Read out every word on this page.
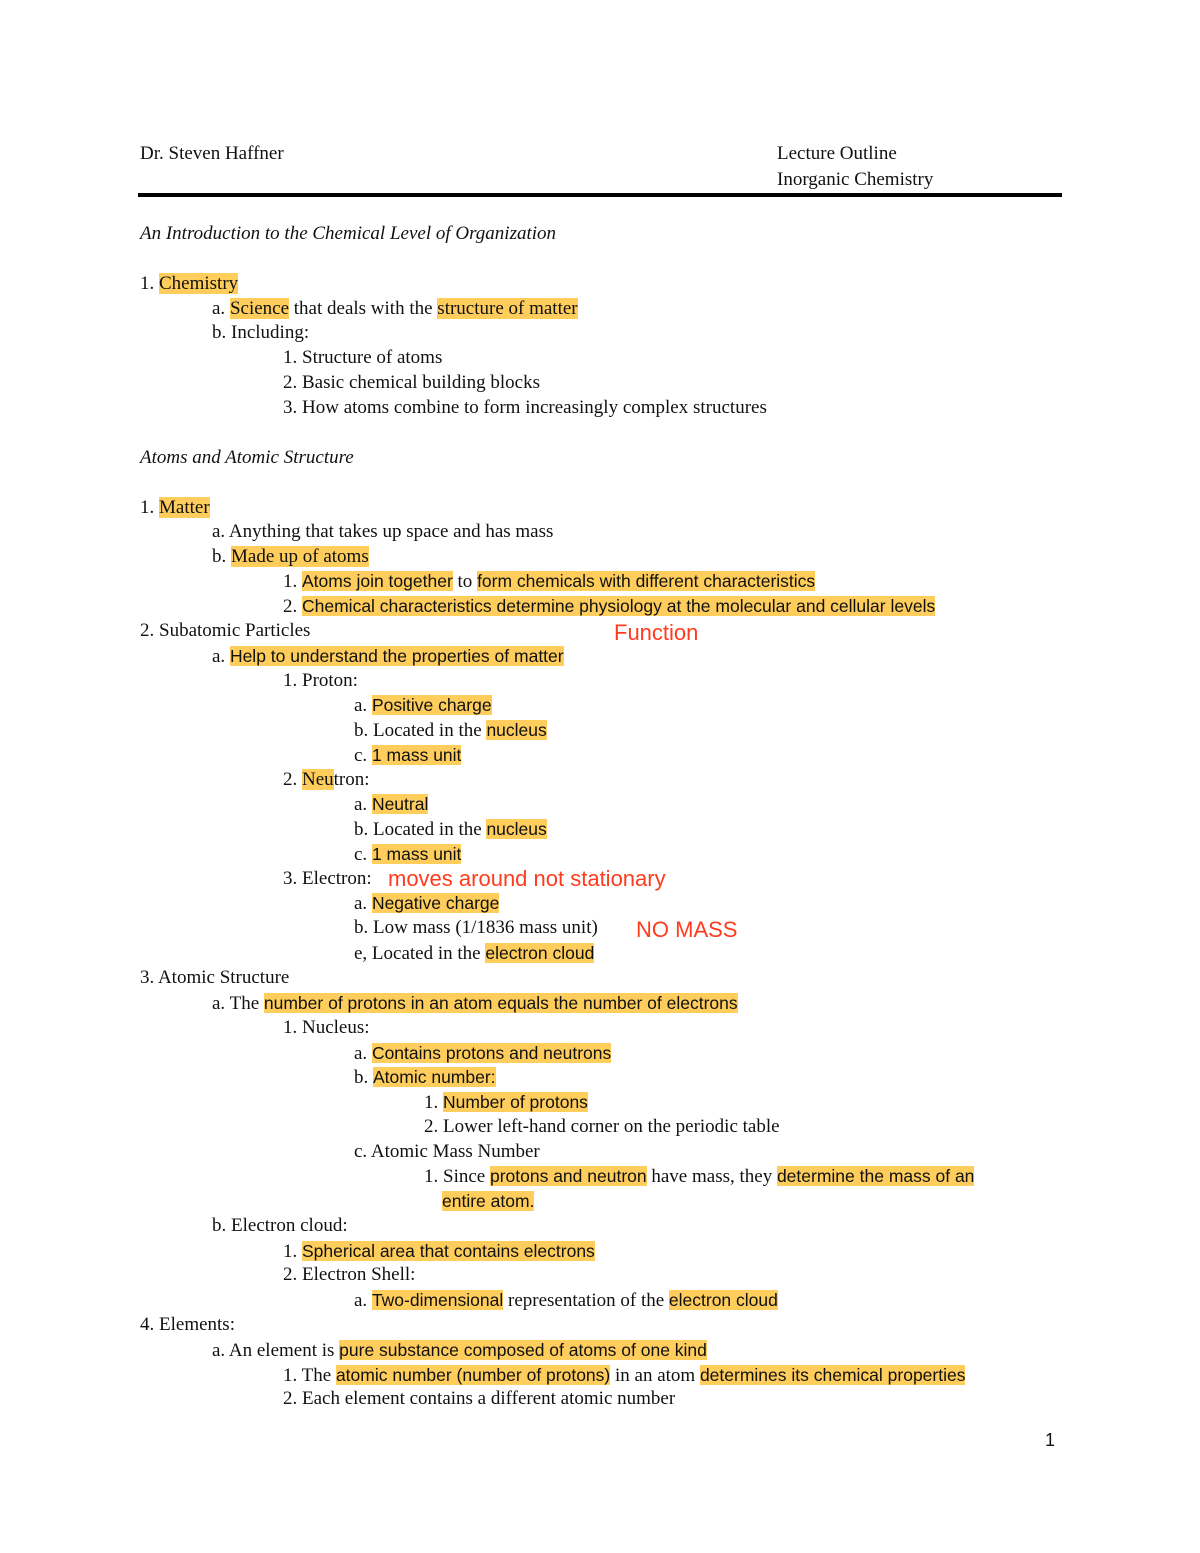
Dr. Steven Haffner	Lecture Outline
Inorganic Chemistry
An Introduction to the Chemical Level of Organization
1. Chemistry
a. Science that deals with the structure of matter
b. Including:
1. Structure of atoms
2. Basic chemical building blocks
3. How atoms combine to form increasingly complex structures
Atoms and Atomic Structure
1. Matter
a. Anything that takes up space and has mass
b. Made up of atoms
1. Atoms join together to form chemicals with different characteristics
2. Chemical characteristics determine physiology at the molecular and cellular levels
2. Subatomic Particles	Function
a. Help to understand the properties of matter
1. Proton:
a. Positive charge
b. Located in the nucleus
c. 1 mass unit
2. Neutron:
a. Neutral
b. Located in the nucleus
c. 1 mass unit
3. Electron: moves around not stationary
a. Negative charge
b. Low mass (1/1836 mass unit) NO MASS
e, Located in the electron cloud
3. Atomic Structure
a. The number of protons in an atom equals the number of electrons
1. Nucleus:
a. Contains protons and neutrons
b. Atomic number:
1. Number of protons
2. Lower left-hand corner on the periodic table
c. Atomic Mass Number
1. Since protons and neutron have mass, they determine the mass of an
entire atom.
b. Electron cloud:
1. Spherical area that contains electrons
2. Electron Shell:
a. Two-dimensional representation of the electron cloud
4. Elements:
a. An element is pure substance composed of atoms of one kind
1. The atomic number (number of protons) in an atom determines its chemical properties
2. Each element contains a different atomic number
1
